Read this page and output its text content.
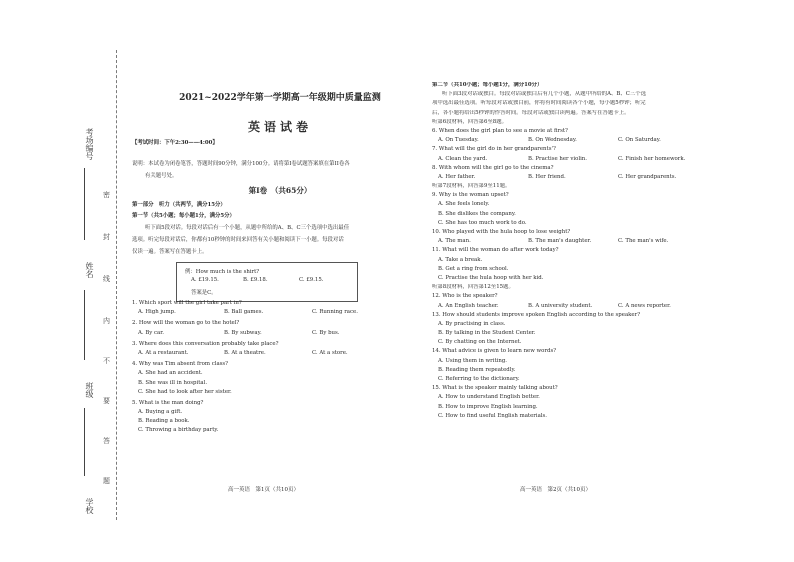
考场编号
姓名
班级
学校
密
封
线
内
不
要
答
题
2021~2022学年第一学期高一年级期中质量监测
英语试卷
【考试时间：下午2:30——4:00】
说明：本试卷为闭卷笔答，答题时间90分钟，满分100分。请将第I卷试题答案填在第II卷各
有关题号处。
第I卷　（共65分）
第一部分　听力（共两节，满分15分）
第一节（共5小题；每小题1分，满分5分）
听下面5段对话。每段对话后有一个小题，从题中所给的A、B、C三个选项中选出最佳
选项。听完每段对话后，你都有10秒钟的时间来回答有关小题和阅读下一小题。每段对话
仅读一遍。答案写在答题卡上。
例：How much is the shirt?
A. £19.15.	B. £9.18.	C. £9.15.
答案是C。
1. Which sport will the girl take part in?
A. High jump.	B. Ball games.	C. Running race.
2. How will the woman go to the hotel?
A. By car.	B. By subway.	C. By bus.
3. Where does this conversation probably take place?
A. At a restaurant.	B. At a theatre.	C. At a store.
4. Why was Tim absent from class?
A. She had an accident.
B. She was ill in hospital.
C. She had to look after her sister.
5. What is the man doing?
A. Buying a gift.
B. Reading a book.
C. Throwing a birthday party.
高一英语　第1页（共10页）
第二节（共10小题；每小题1分，满分10分）
听下面3段对话或独白。每段对话或独白后有几个小题，从题中所给的A、B、C三个选
项中选出最佳选项。听每段对话或独白前，你将有时间阅读各个小题，每小题5秒钟；听完
后，各小题将给出5秒钟的作答时间。每段对话或独白读两遍。答案写在答题卡上。
听第6段材料，回答第6至8题。
6. When does the girl plan to see a movie at first?
A. On Tuesday.	B. On Wednesday.	C. On Saturday.
7. What will the girl do in her grandparents'?
A. Clean the yard.	B. Practise her violin.	C. Finish her homework.
8. With whom will the girl go to the cinema?
A. Her father.	B. Her friend.	C. Her grandparents.
听第7段材料，回答第9至11题。
9. Why is the woman upset?
A. She feels lonely.
B. She dislikes the company.
C. She has too much work to do.
10. Who played with the hula hoop to lose weight?
A. The man.	B. The man's daughter.	C. The man's wife.
11. What will the woman do after work today?
A. Take a break.
B. Get a ring from school.
C. Practise the hula hoop with her kid.
听第8段材料，回答第12至15题。
12. Who is the speaker?
A. An English teacher.	B. A university student.	C. A news reporter.
13. How should students improve spoken English according to the speaker?
A. By practising in class.
B. By talking in the Student Center.
C. By chatting on the Internet.
14. What advice is given to learn new words?
A. Using them in writing.
B. Reading them repeatedly.
C. Referring to the dictionary.
15. What is the speaker mainly talking about?
A. How to understand English better.
B. How to improve English learning.
C. How to find useful English materials.
高一英语　第2页（共10页）
